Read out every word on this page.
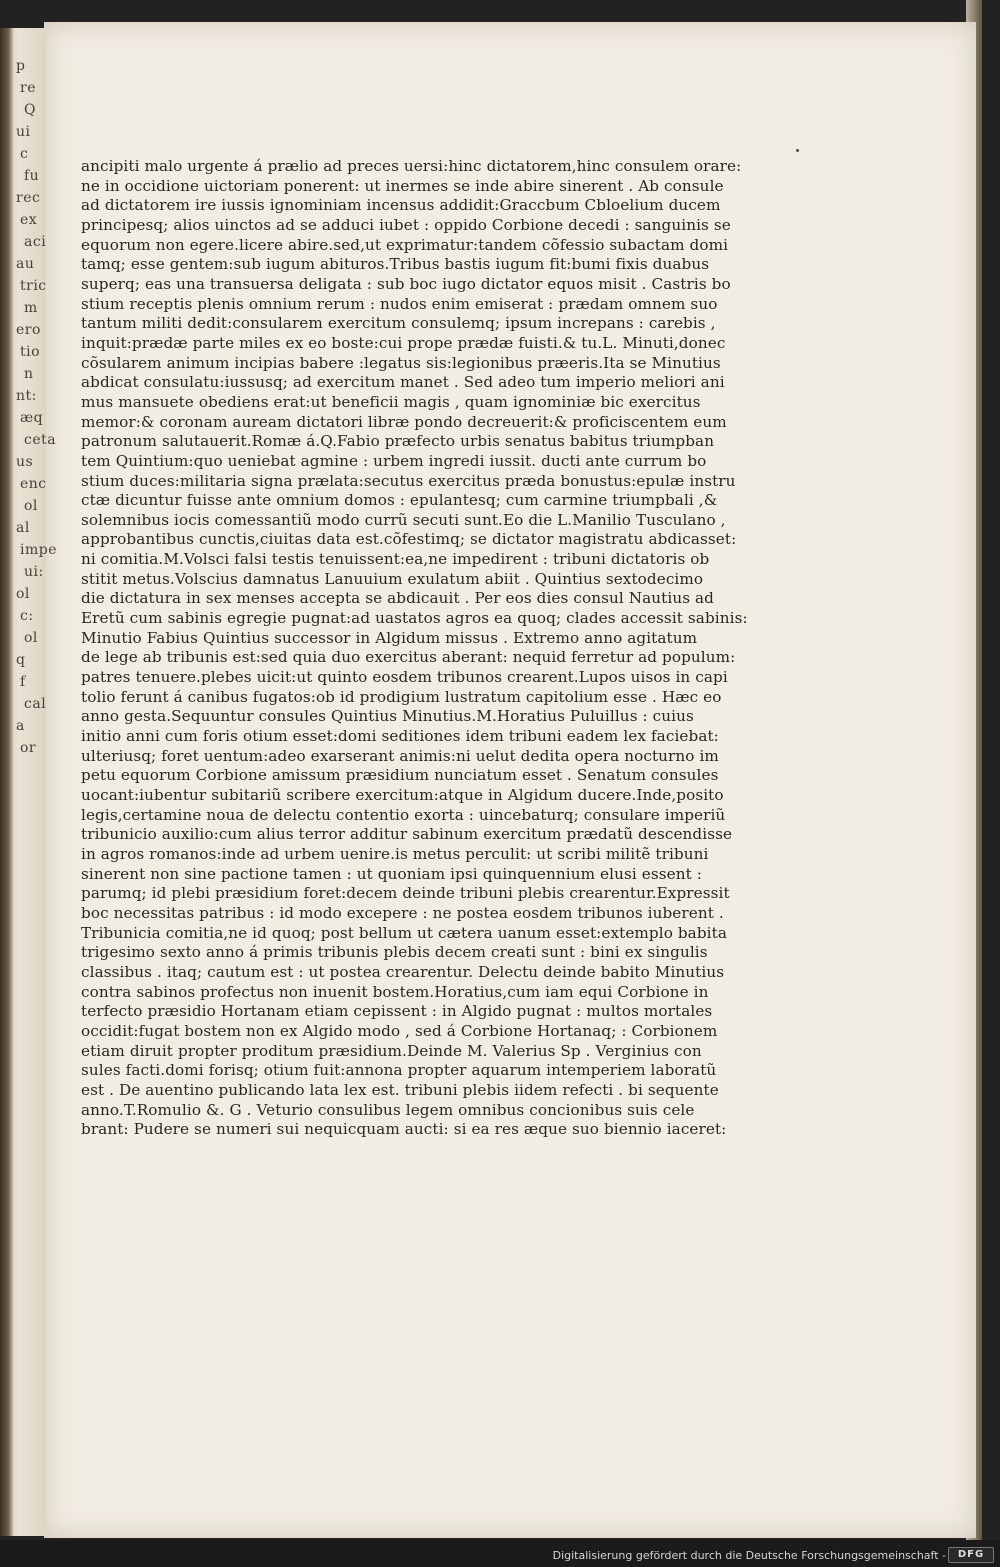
p
re
Q
ui
c
fu
rec
ex
aci
au
tric
m
ero
tio
n
nt:
æq
ceta
us
enc
ol
al
impe
ui:
ol
c:
ol
q
f
cal
a
or
ancipiti malo urgente á prælio ad preces uersi:hinc dictatorem,hinc consulem orare:
ne in occidione uictoriam ponerent: ut inermes se inde abire sinerent . Ab consule
ad dictatorem ire iussis ignominiam incensus addidit:Graccbum Cbloelium ducem
principesq; alios uinctos ad se adduci iubet : oppido Corbione decedi : sanguinis se
equorum non egere.licere abire.sed,ut exprimatur:tandem cõfessio subactam domi
tamq; esse gentem:sub iugum abituros.Tribus bastis iugum fit:bumi fixis duabus
superq; eas una transuersa deligata : sub boc iugo dictator equos misit . Castris bo
stium receptis plenis omnium rerum : nudos enim emiserat : prædam omnem suo
tantum militi dedit:consularem exercitum consulemq; ipsum increpans : carebis ,
inquit:prædæ parte miles ex eo boste:cui prope prædæ fuisti.& tu.L. Minuti,donec
cõsularem animum incipias babere :legatus sis:legionibus præeris.Ita se Minutius
abdicat consulatu:iussusq; ad exercitum manet . Sed adeo tum imperio meliori ani
mus mansuete obediens erat:ut beneficii magis , quam ignominiæ bic exercitus
memor:& coronam auream dictatori libræ pondo decreuerit:& proficiscentem eum
patronum salutauerit.Romæ á.Q.Fabio præfecto urbis senatus babitus triumpban
tem Quintium:quo ueniebat agmine : urbem ingredi iussit. ducti ante currum bo
stium duces:militaria signa prælata:secutus exercitus præda bonustus:epulæ instru
ctæ dicuntur fuisse ante omnium domos : epulantesq; cum carmine triumpbali ,&
solemnibus iocis comessantiũ modo currũ secuti sunt.Eo die L.Manilio Tusculano ,
approbantibus cunctis,ciuitas data est.cõfestimq; se dictator magistratu abdicasset:
ni comitia.M.Volsci falsi testis tenuissent:ea,ne impedirent : tribuni dictatoris ob
stitit metus.Volscius damnatus Lanuuium exulatum abiit . Quintius sextodecimo
die dictatura in sex menses accepta se abdicauit . Per eos dies consul Nautius ad
Eretũ cum sabinis egregie pugnat:ad uastatos agros ea quoq; clades accessit sabinis:
Minutio Fabius Quintius successor in Algidum missus . Extremo anno agitatum
de lege ab tribunis est:sed quia duo exercitus aberant: nequid ferretur ad populum:
patres tenuere.plebes uicit:ut quinto eosdem tribunos crearent.Lupos uisos in capi
tolio ferunt á canibus fugatos:ob id prodigium lustratum capitolium esse . Hæc eo
anno gesta.Sequuntur consules Quintius Minutius.M.Horatius Puluillus : cuius
initio anni cum foris otium esset:domi seditiones idem tribuni eadem lex faciebat:
ulteriusq; foret uentum:adeo exarserant animis:ni uelut dedita opera nocturno im
petu equorum Corbione amissum præsidium nunciatum esset . Senatum consules
uocant:iubentur subitariũ scribere exercitum:atque in Algidum ducere.Inde,posito
legis,certamine noua de delectu contentio exorta : uincebaturq; consulare imperiũ
tribunicio auxilio:cum alius terror additur sabinum exercitum prædatũ descendisse
in agros romanos:inde ad urbem uenire.is metus perculit: ut scribi militẽ tribuni
sinerent non sine pactione tamen : ut quoniam ipsi quinquennium elusi essent :
parumq; id plebi præsidium foret:decem deinde tribuni plebis crearentur.Expressit
boc necessitas patribus : id modo excepere : ne postea eosdem tribunos iuberent .
Tribunicia comitia,ne id quoq; post bellum ut cætera uanum esset:extemplo babita
trigesimo sexto anno á primis tribunis plebis decem creati sunt : bini ex singulis
classibus . itaq; cautum est : ut postea crearentur. Delectu deinde babito Minutius
contra sabinos profectus non inuenit bostem.Horatius,cum iam equi Corbione in
terfecto præsidio Hortanam etiam cepissent : in Algido pugnat : multos mortales
occidit:fugat bostem non ex Algido modo , sed á Corbione Hortanaq; : Corbionem
etiam diruit propter proditum præsidium.Deinde M. Valerius Sp . Verginius con
sules facti.domi forisq; otium fuit:annona propter aquarum intemperiem laboratũ
est . De auentino publicando lata lex est. tribuni plebis iidem refecti . bi sequente
anno.T.Romulio &. G . Veturio consulibus legem omnibus concionibus suis cele
brant: Pudere se numeri sui nequicquam aucti: si ea res æque suo biennio iaceret:
Digitalisierung gefördert durch die Deutsche Forschungsgemeinschaft -	DFG
